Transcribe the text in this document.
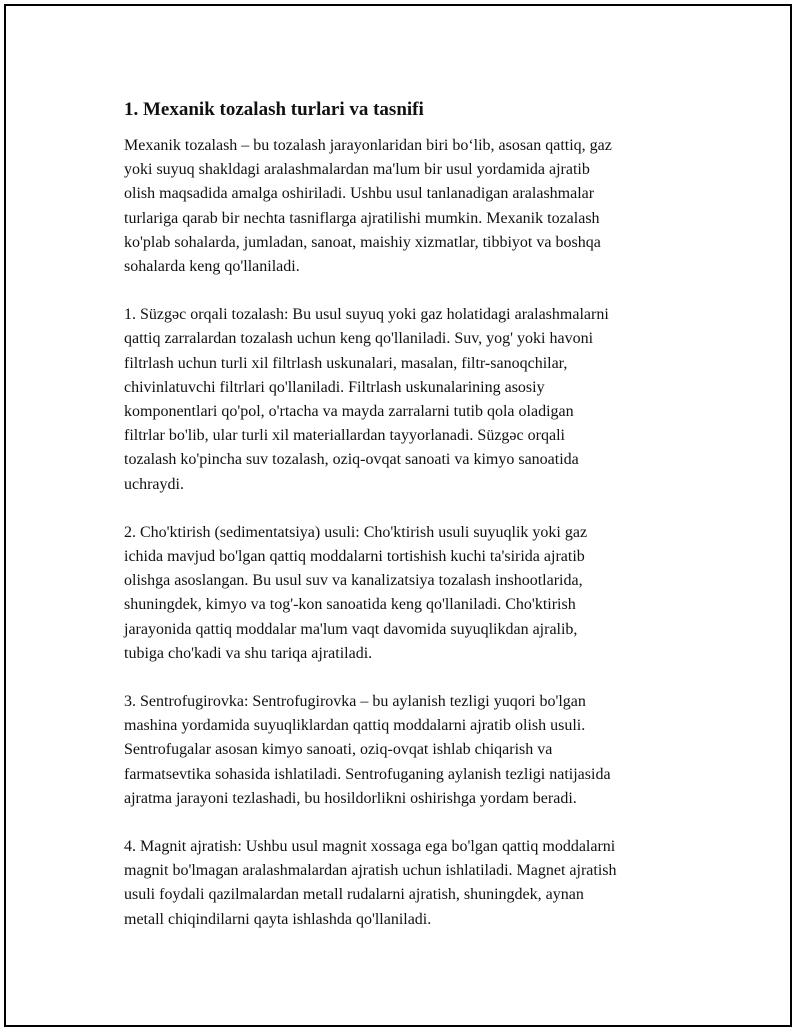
1. Mexanik tozalash turlari va tasnifi

Mexanik tozalash – bu tozalash jarayonlaridan biri bo‘lib, asosan qattiq, gaz
yoki suyuq shakldagi aralashmalardan ma'lum bir usul yordamida ajratib
olish maqsadida amalga oshiriladi. Ushbu usul tanlanadigan aralashmalar
turlariga qarab bir nechta tasniflarga ajratilishi mumkin. Mexanik tozalash
ko'plab sohalarda, jumladan, sanoat, maishiy xizmatlar, tibbiyot va boshqa
sohalarda keng qo'llaniladi.

1. Süzgəc orqali tozalash: Bu usul suyuq yoki gaz holatidagi aralashmalarni
qattiq zarralardan tozalash uchun keng qo'llaniladi. Suv, yog' yoki havoni
filtrlash uchun turli xil filtrlash uskunalari, masalan, filtr-sanoqchilar,
chivinlatuvchi filtrlari qo'llaniladi. Filtrlash uskunalarining asosiy
komponentlari qo'pol, o'rtacha va mayda zarralarni tutib qola oladigan
filtrlar bo'lib, ular turli xil materiallardan tayyorlanadi. Süzgəc orqali
tozalash ko'pincha suv tozalash, oziq-ovqat sanoati va kimyo sanoatida
uchraydi.

2. Cho'ktirish (sedimentatsiya) usuli: Cho'ktirish usuli suyuqlik yoki gaz
ichida mavjud bo'lgan qattiq moddalarni tortishish kuchi ta'sirida ajratib
olishga asoslangan. Bu usul suv va kanalizatsiya tozalash inshootlarida,
shuningdek, kimyo va tog'-kon sanoatida keng qo'llaniladi. Cho'ktirish
jarayonida qattiq moddalar ma'lum vaqt davomida suyuqlikdan ajralib,
tubiga cho'kadi va shu tariqa ajratiladi.

3. Sentrofugirovka: Sentrofugirovka – bu aylanish tezligi yuqori bo'lgan
mashina yordamida suyuqliklardan qattiq moddalarni ajratib olish usuli.
Sentrofugalar asosan kimyo sanoati, oziq-ovqat ishlab chiqarish va
farmatsevtika sohasida ishlatiladi. Sentrofuganing aylanish tezligi natijasida
ajratma jarayoni tezlashadi, bu hosildorlikni oshirishga yordam beradi.

4. Magnit ajratish: Ushbu usul magnit xossaga ega bo'lgan qattiq moddalarni
magnit bo'lmagan aralashmalardan ajratish uchun ishlatiladi. Magnet ajratish
usuli foydali qazilmalardan metall rudalarni ajratish, shuningdek, aynan
metall chiqindilarni qayta ishlashda qo'llaniladi.
